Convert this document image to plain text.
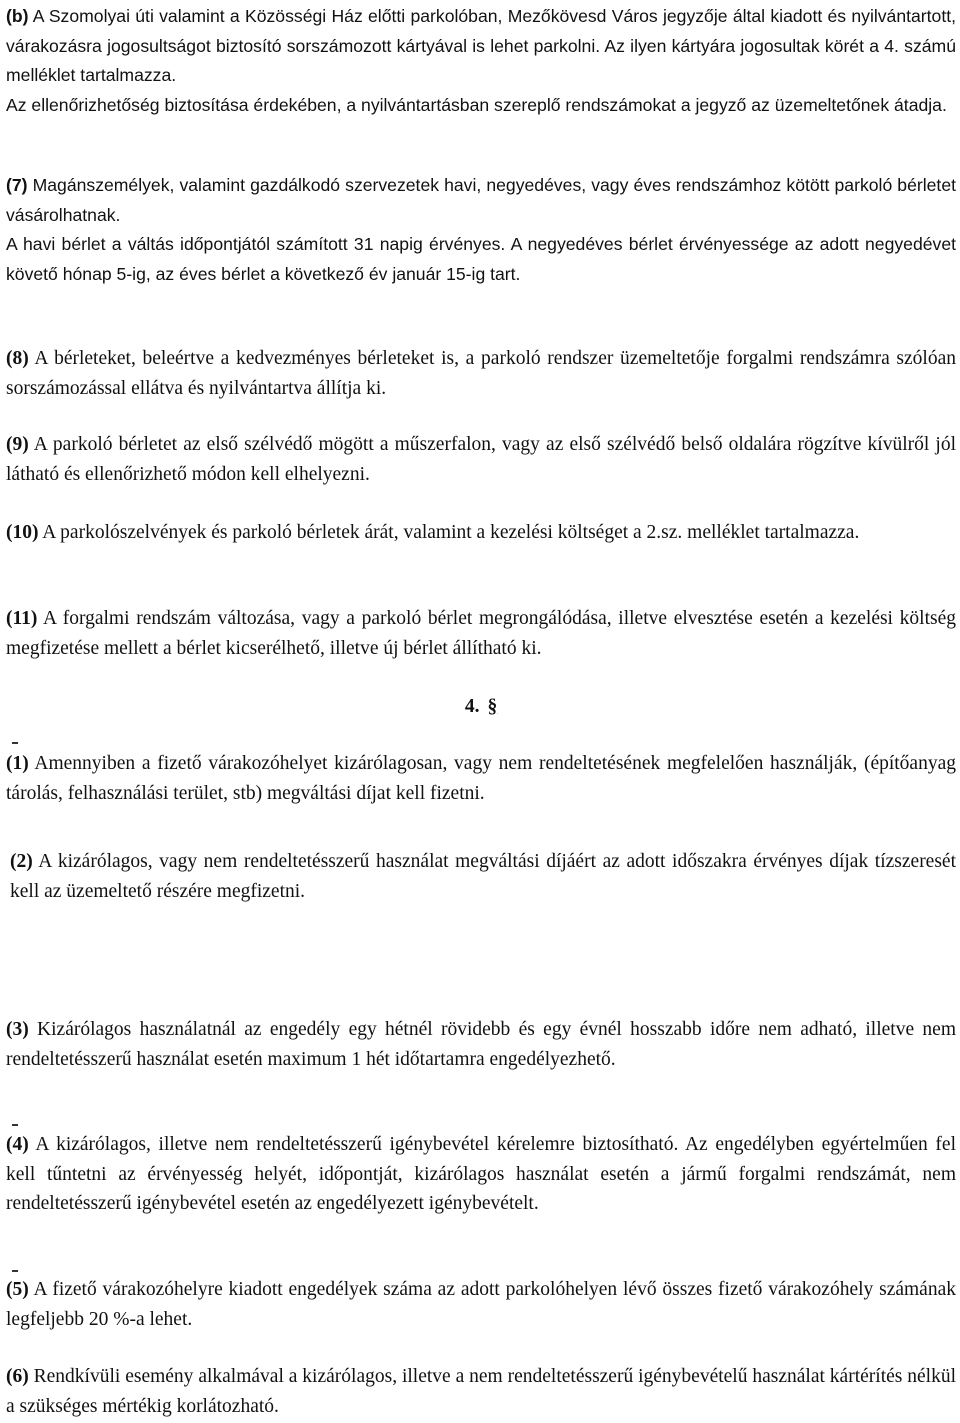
(b) A Szomolyai úti valamint a Közösségi Ház előtti parkolóban, Mezőkövesd Város jegyzője által kiadott és nyilvántartott, várakozásra jogosultságot biztosító sorszámozott kártyával is lehet parkolni. Az ilyen kártyára jogosultak körét a 4. számú melléklet tartalmazza.
Az ellenőrizhetőség biztosítása érdekében, a nyilvántartásban szereplő rendszámokat a jegyző az üzemeltetőnek átadja.

(7) Magánszemélyek, valamint gazdálkodó szervezetek havi, negyedéves, vagy éves rendszámhoz kötött parkoló bérletet vásárolhatnak.
A havi bérlet a váltás időpontjától számított 31 napig érvényes. A negyedéves bérlet érvényessége az adott negyedévet követő hónap 5-ig, az éves bérlet a következő év január 15-ig tart.

(8) A bérleteket, beleértve a kedvezményes bérleteket is, a parkoló rendszer üzemeltetője forgalmi rendszámra szólóan sorszámozással ellátva és nyilvántartva állítja ki.

(9) A parkoló bérletet az első szélvédő mögött a műszerfalon, vagy az első szélvédő belső oldalára rögzítve kívülről jól látható és ellenőrizhető módon kell elhelyezni.

(10) A parkolószelvények és parkoló bérletek árát, valamint a kezelési költséget a 2.sz. melléklet tartalmazza.

(11) A forgalmi rendszám változása, vagy a parkoló bérlet megrongálódása, illetve elvesztése esetén a kezelési költség megfizetése mellett a bérlet kicserélhető, illetve új bérlet állítható ki.

4. §

(1) Amennyiben a fizető várakozóhelyet kizárólagosan, vagy nem rendeltetésének megfelelően használják, (építőanyag tárolás, felhasználási terület, stb) megváltási díjat kell fizetni.

(2) A kizárólagos, vagy nem rendeltetésszerű használat megváltási díjáért az adott időszakra érvényes díjak tízszeresét kell az üzemeltető részére megfizetni.

(3) Kizárólagos használatnál az engedély egy hétnél rövidebb és egy évnél hosszabb időre nem adható, illetve nem rendeltetésszerű használat esetén maximum 1 hét időtartamra engedélyezhető.

(4) A kizárólagos, illetve nem rendeltetésszerű igénybevétel kérelemre biztosítható. Az engedélyben egyértelműen fel kell tűntetni az érvényesség helyét, időpontját, kizárólagos használat esetén a jármű forgalmi rendszámát, nem rendeltetésszerű igénybevétel esetén az engedélyezett igénybevételt.

(5) A fizető várakozóhelyre kiadott engedélyek száma az adott parkolóhelyen lévő összes fizető várakozóhely számának legfeljebb 20 %-a lehet.

(6) Rendkívüli esemény alkalmával a kizárólagos, illetve a nem rendeltetésszerű igénybevételű használat kártérítés nélkül a szükséges mértékig korlátozható.
